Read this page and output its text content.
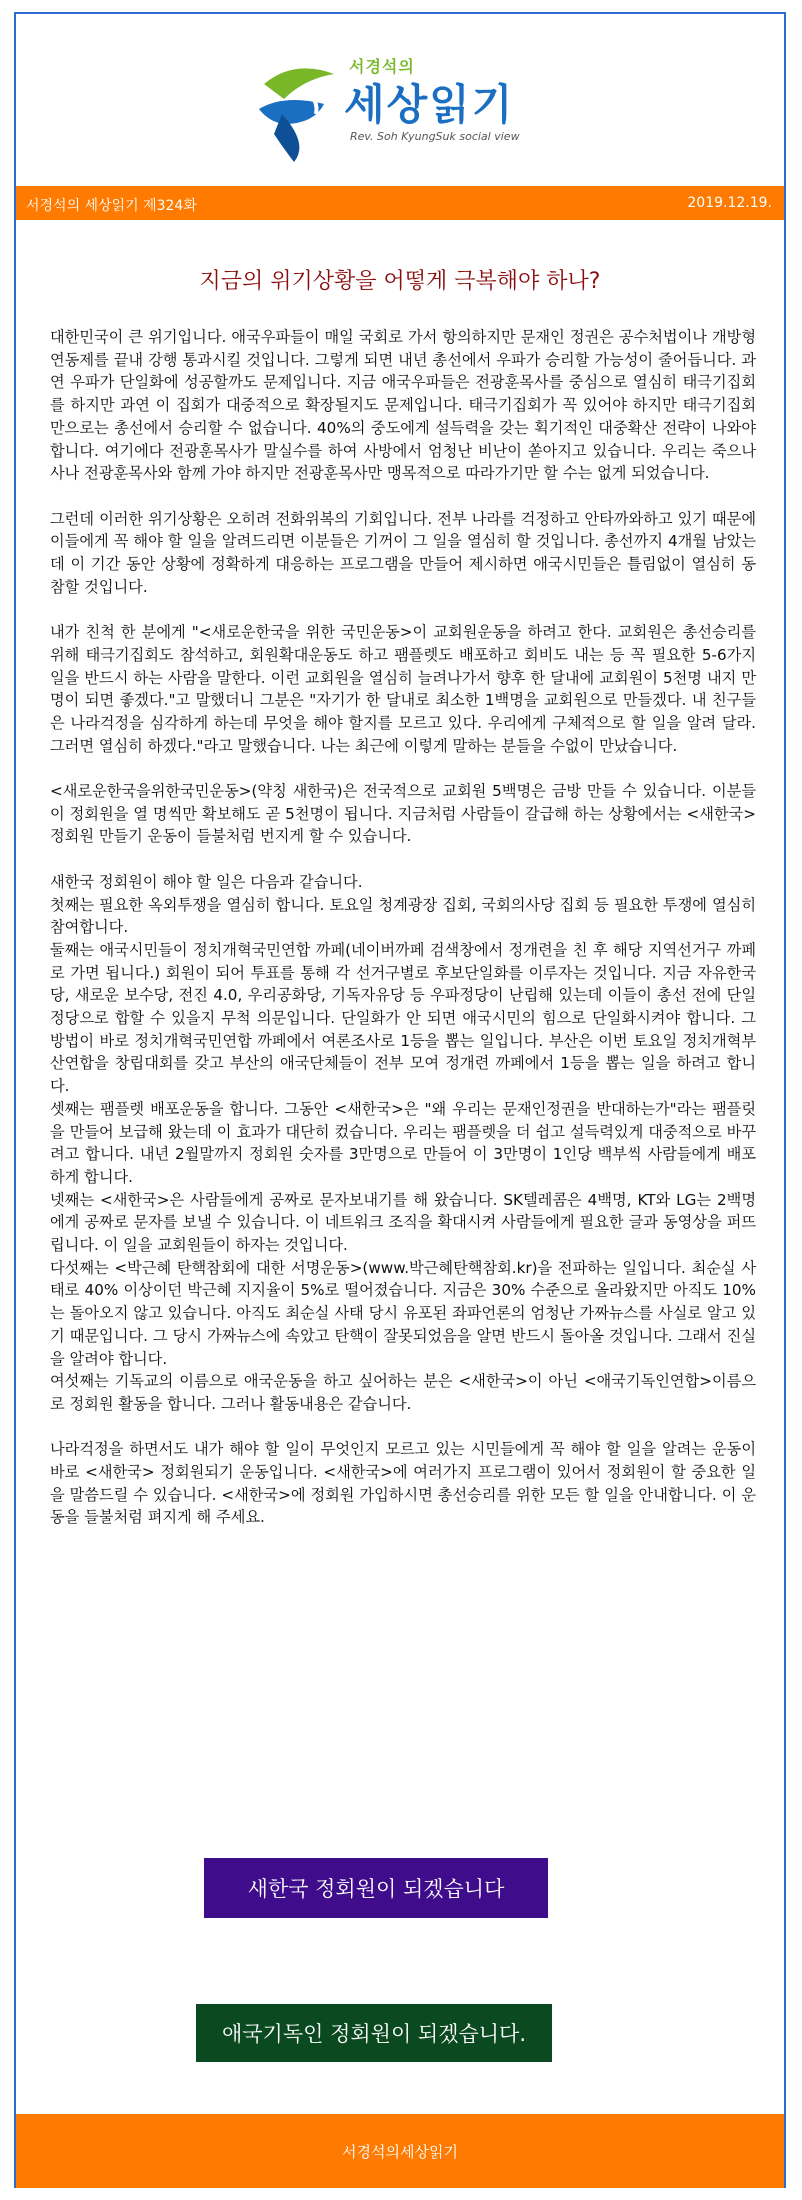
서경석의
세상읽기
Rev. Soh KyungSuk social view
서경석의 세상읽기 제324화	2019.12.19.
지금의 위기상황을 어떻게 극복해야 하나?

대한민국이 큰 위기입니다. 애국우파들이 매일 국회로 가서 항의하지만 문재인 정권은 공수처법이나 개방형 연동제를 끝내 강행 통과시킬 것입니다. 그렇게 되면 내년 총선에서 우파가 승리할 가능성이 줄어듭니다. 과연 우파가 단일화에 성공할까도 문제입니다. 지금 애국우파들은 전광훈목사를 중심으로 열심히 태극기집회를 하지만 과연 이 집회가 대중적으로 확장될지도 문제입니다. 태극기집회가 꼭 있어야 하지만 태극기집회 만으로는 총선에서 승리할 수 없습니다. 40%의 중도에게 설득력을 갖는 획기적인 대중확산 전략이 나와야 합니다. 여기에다 전광훈목사가 말실수를 하여 사방에서 엄청난 비난이 쏟아지고 있습니다. 우리는 죽으나 사나 전광훈목사와 함께 가야 하지만 전광훈목사만 맹목적으로 따라가기만 할 수는 없게 되었습니다.

그런데 이러한 위기상황은 오히려 전화위복의 기회입니다. 전부 나라를 걱정하고 안타까와하고 있기 때문에 이들에게 꼭 해야 할 일을 알려드리면 이분들은 기꺼이 그 일을 열심히 할 것입니다. 총선까지 4개월 남았는데 이 기간 동안 상황에 정확하게 대응하는 프로그램을 만들어 제시하면 애국시민들은 틀림없이 열심히 동참할 것입니다.

내가 친척 한 분에게 "<새로운한국을 위한 국민운동>이 교회원운동을 하려고 한다. 교회원은 총선승리를 위해 태극기집회도 참석하고, 회원확대운동도 하고 팸플렛도 배포하고 회비도 내는 등 꼭 필요한 5-6가지 일을 반드시 하는 사람을 말한다. 이런 교회원을 열심히 늘려나가서 향후 한 달내에 교회원이 5천명 내지 만명이 되면 좋겠다."고 말했더니 그분은 "자기가 한 달내로 최소한 1백명을 교회원으로 만들겠다. 내 친구들은 나라걱정을 심각하게 하는데 무엇을 해야 할지를 모르고 있다. 우리에게 구체적으로 할 일을 알려 달라. 그러면 열심히 하겠다."라고 말했습니다. 나는 최근에 이렇게 말하는 분들을 수없이 만났습니다.

<새로운한국을위한국민운동>(약칭 새한국)은 전국적으로 교회원 5백명은 금방 만들 수 있습니다. 이분들이 정회원을 열 명씩만 확보해도 곧 5천명이 됩니다. 지금처럼 사람들이 갈급해 하는 상황에서는 <새한국>정회원 만들기 운동이 들불처럼 번지게 할 수 있습니다.

새한국 정회원이 해야 할 일은 다음과 같습니다.
첫째는 필요한 옥외투쟁을 열심히 합니다. 토요일 청계광장 집회, 국회의사당 집회 등 필요한 투쟁에 열심히 참여합니다.
둘째는 애국시민들이 정치개혁국민연합 까페(네이버까페 검색창에서 정개련을 친 후 해당 지역선거구 까페로 가면 됩니다.) 회원이 되어 투표를 통해 각 선거구별로 후보단일화를 이루자는 것입니다. 지금 자유한국당, 새로운 보수당, 전진 4.0, 우리공화당, 기독자유당 등 우파정당이 난립해 있는데 이들이 총선 전에 단일정당으로 합할 수 있을지 무척 의문입니다. 단일화가 안 되면 애국시민의 힘으로 단일화시켜야 합니다. 그 방법이 바로 정치개혁국민연합 까페에서 여론조사로 1등을 뽑는 일입니다. 부산은 이번 토요일 정치개혁부산연합을 창립대회를 갖고 부산의 애국단체들이 전부 모여 정개련 까페에서 1등을 뽑는 일을 하려고 합니다.
셋째는 팸플렛 배포운동을 합니다. 그동안 <새한국>은 "왜 우리는 문재인정권을 반대하는가"라는 팸플릿을 만들어 보급해 왔는데 이 효과가 대단히 컸습니다. 우리는 팸플렛을 더 쉽고 설득력있게 대중적으로 바꾸려고 합니다. 내년 2월말까지 정회원 숫자를 3만명으로 만들어 이 3만명이 1인당 백부씩 사람들에게 배포하게 합니다.
넷째는 <새한국>은 사람들에게 공짜로 문자보내기를 해 왔습니다. SK텔레콤은 4백명, KT와 LG는 2백명에게 공짜로 문자를 보낼 수 있습니다. 이 네트워크 조직을 확대시켜 사람들에게 필요한 글과 동영상을 퍼뜨립니다. 이 일을 교회원들이 하자는 것입니다.
다섯째는 <박근혜 탄핵참회에 대한 서명운동>(www.박근혜탄핵참회.kr)을 전파하는 일입니다. 최순실 사태로 40% 이상이던 박근혜 지지율이 5%로 떨어졌습니다. 지금은 30% 수준으로 올라왔지만 아직도 10%는 돌아오지 않고 있습니다. 아직도 최순실 사태 당시 유포된 좌파언론의 엄청난 가짜뉴스를 사실로 알고 있기 때문입니다. 그 당시 가짜뉴스에 속았고 탄핵이 잘못되었음을 알면 반드시 돌아올 것입니다. 그래서 진실을 알려야 합니다.
여섯째는 기독교의 이름으로 애국운동을 하고 싶어하는 분은 <새한국>이 아닌 <애국기독인연합>이름으로 정회원 활동을 합니다. 그러나 활동내용은 같습니다.

나라걱정을 하면서도 내가 해야 할 일이 무엇인지 모르고 있는 시민들에게 꼭 해야 할 일을 알려는 운동이 바로 <새한국> 정회원되기 운동입니다. <새한국>에 여러가지 프로그램이 있어서 정회원이 할 중요한 일을 말씀드릴 수 있습니다. <새한국>에 정회원 가입하시면 총선승리를 위한 모든 할 일을 안내합니다. 이 운동을 들불처럼 펴지게 해 주세요.

새한국 정회원이 되겠습니다
애국기독인 정회원이 되겠습니다.
서경석의세상읽기
